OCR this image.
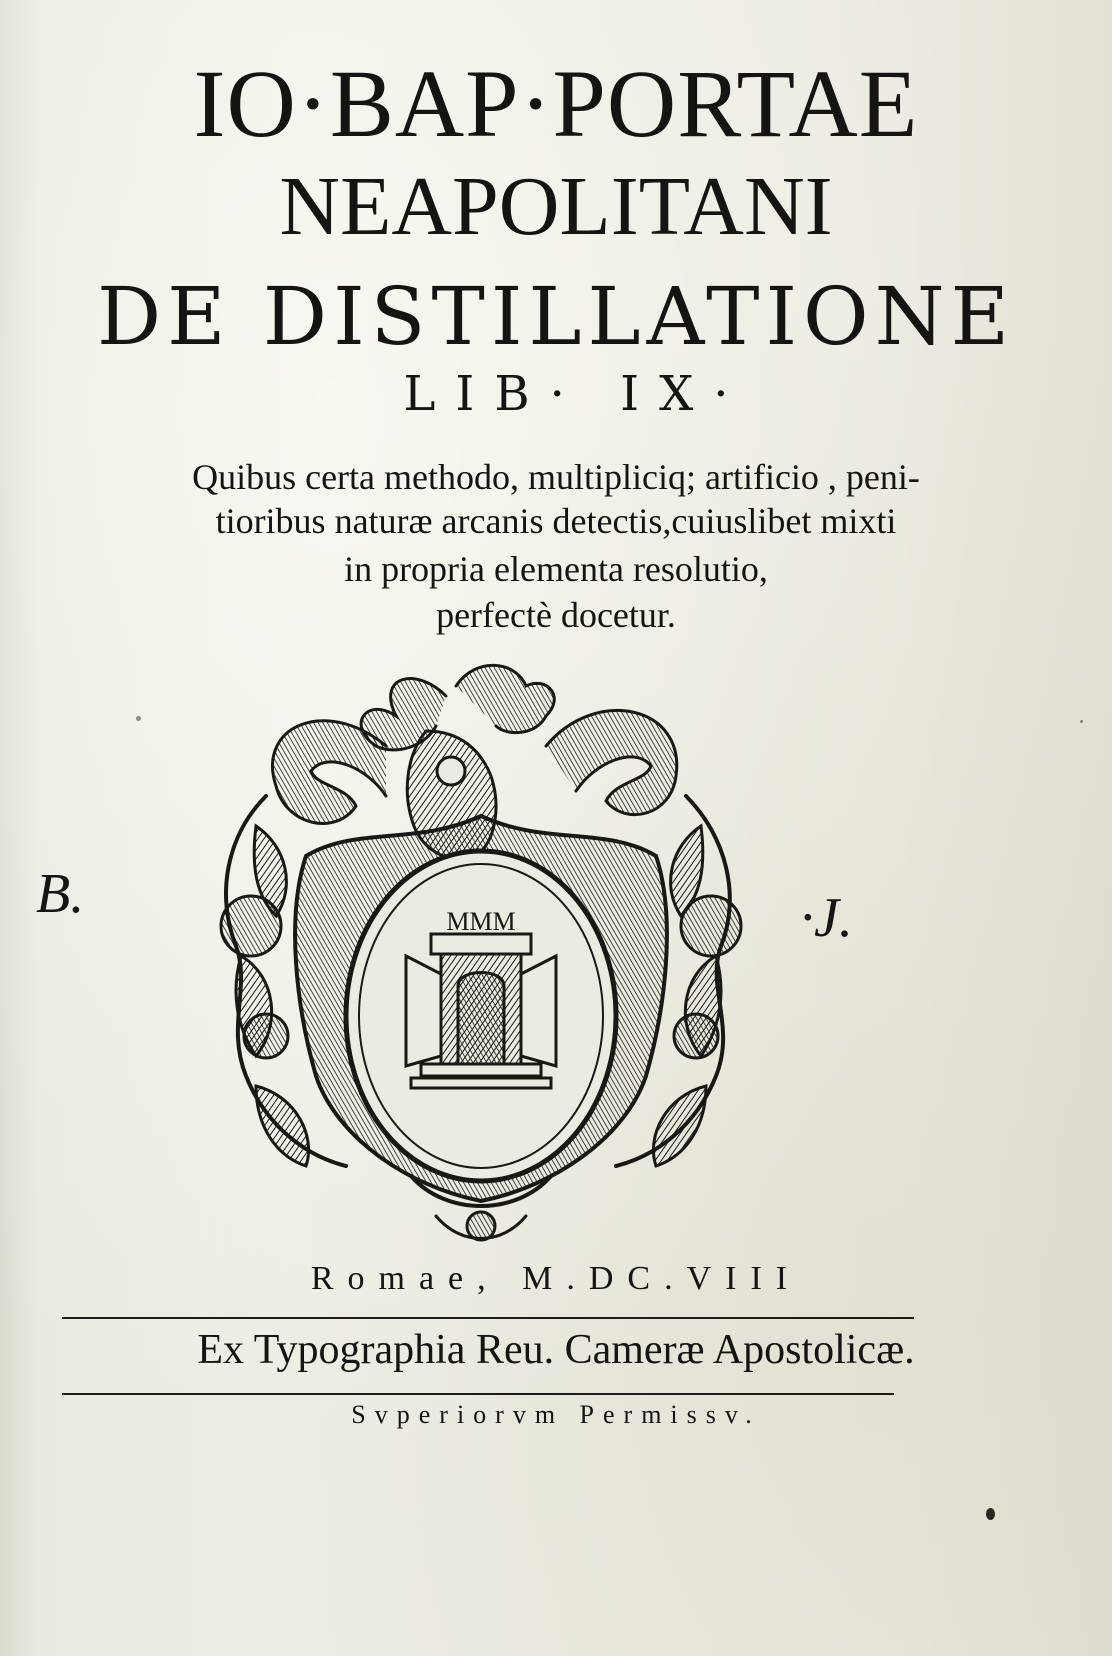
IO·BAP·PORTAE
NEAPOLITANI
DE DISTILLATIONE
LIB· IX·
Quibus certa methodo, multipliciq; artificio , peni-
tioribus naturæ arcanis detectis,cuiuslibet mixti
in propria elementa resolutio,
perfectè docetur.
B.	·J.
MMM
Romae, M.DC.VIII
Ex Typographia Reu. Cameræ Apostolicæ.
Svperiorvm Permissv.
